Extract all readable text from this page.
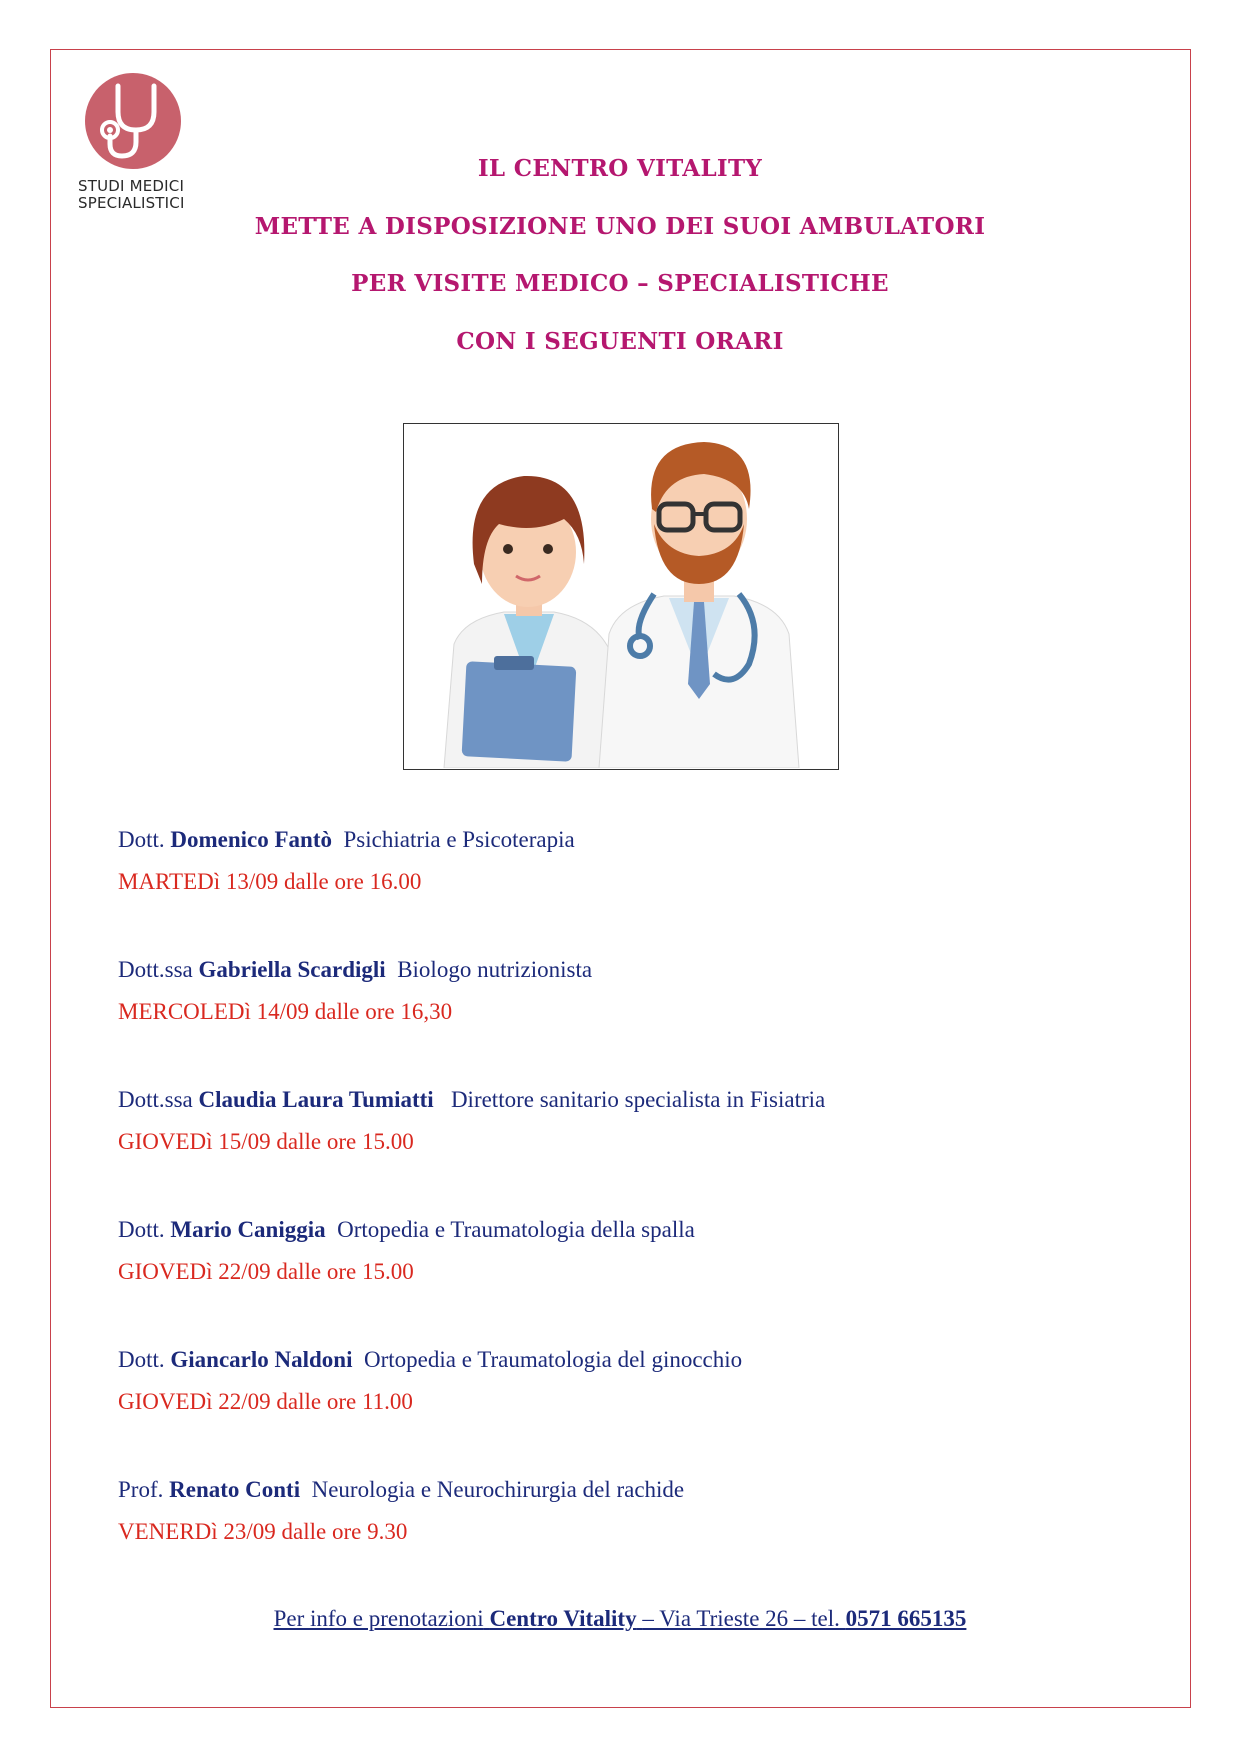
STUDI MEDICI
SPECIALISTICI
IL CENTRO VITALITY
METTE A DISPOSIZIONE UNO DEI SUOI AMBULATORI
PER VISITE MEDICO – SPECIALISTICHE
CON I SEGUENTI ORARI
Dott. Domenico Fantò Psichiatria e Psicoterapia
MARTEDì 13/09 dalle ore 16.00
Dott.ssa Gabriella Scardigli Biologo nutrizionista
MERCOLEDì 14/09 dalle ore 16,30
Dott.ssa Claudia Laura Tumiatti Direttore sanitario specialista in Fisiatria
GIOVEDì 15/09 dalle ore 15.00
Dott. Mario Caniggia Ortopedia e Traumatologia della spalla
GIOVEDì 22/09 dalle ore 15.00
Dott. Giancarlo Naldoni Ortopedia e Traumatologia del ginocchio
GIOVEDì 22/09 dalle ore 11.00
Prof. Renato Conti Neurologia e Neurochirurgia del rachide
VENERDì 23/09 dalle ore 9.30
Per info e prenotazioni Centro Vitality – Via Trieste 26 – tel. 0571 665135
